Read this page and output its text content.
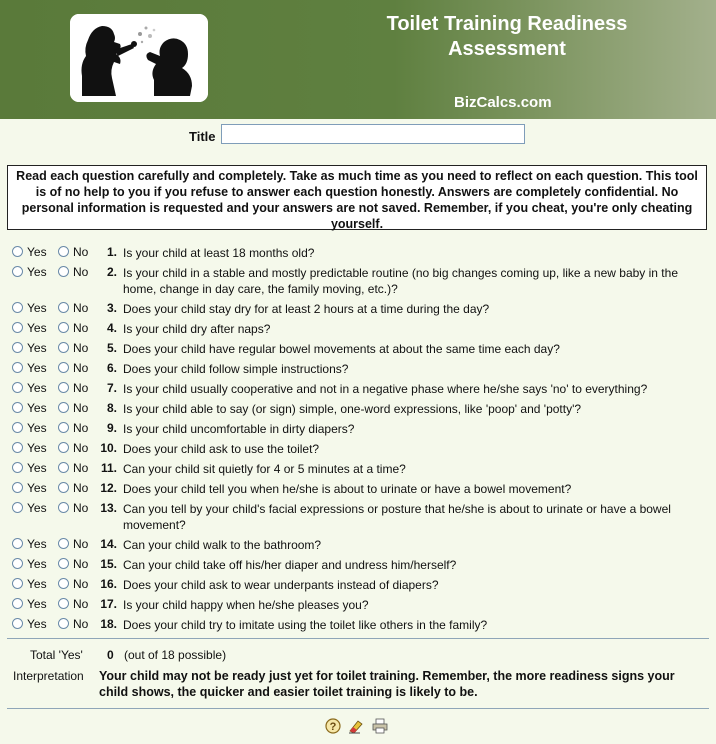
Toilet Training Readiness
Assessment
BizCalcs.com
Title
Read each question carefully and completely. Take as much time as you need to reflect on each question. This tool is of no help to you if you refuse to answer each question honestly. Answers are completely confidential. No personal information is requested and your answers are not saved. Remember, if you cheat, you're only cheating yourself.
Yes No	1. Is your child at least 18 months old?
Yes No	2. Is your child in a stable and mostly predictable routine (no big changes coming up, like a new baby in the home, change in day care, the family moving, etc.)?
Yes No	3. Does your child stay dry for at least 2 hours at a time during the day?
Yes No	4. Is your child dry after naps?
Yes No	5. Does your child have regular bowel movements at about the same time each day?
Yes No	6. Does your child follow simple instructions?
Yes No	7. Is your child usually cooperative and not in a negative phase where he/she says 'no' to everything?
Yes No	8. Is your child able to say (or sign) simple, one-word expressions, like 'poop' and 'potty'?
Yes No	9. Is your child uncomfortable in dirty diapers?
Yes No 10. Does your child ask to use the toilet?
Yes No	11. Can your child sit quietly for 4 or 5 minutes at a time?
Yes No 12. Does your child tell you when he/she is about to urinate or have a bowel movement?
Yes No 13. Can you tell by your child's facial expressions or posture that he/she is about to urinate or have a bowel movement?
Yes No 14. Can your child walk to the bathroom?
Yes No 15. Can your child take off his/her diaper and undress him/herself?
Yes No 16. Does your child ask to wear underpants instead of diapers?
Yes No 17. Is your child happy when he/she pleases you?
Yes No 18. Does your child try to imitate using the toilet like others in the family?
Total 'Yes' 0 (out of 18 possible)
Interpretation Your child may not be ready just yet for toilet training. Remember, the more readiness signs your child shows, the quicker and easier toilet training is likely to be.
?
